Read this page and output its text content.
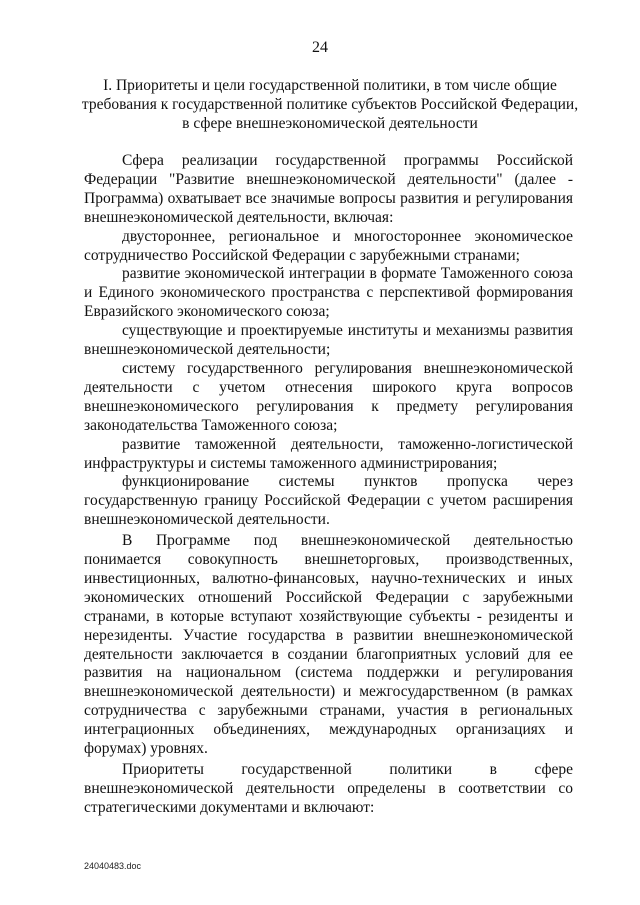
24
I. Приоритеты и цели государственной политики, в том числе общие
требования к государственной политике субъектов Российской Федерации,
в сфере внешнеэкономической деятельности

Сфера реализации государственной программы Российской Федерации "Развитие внешнеэкономической деятельности" (далее - Программа) охватывает все значимые вопросы развития и регулирования внешнеэкономической деятельности, включая:

двустороннее, региональное и многостороннее экономическое сотрудничество Российской Федерации с зарубежными странами;

развитие экономической интеграции в формате Таможенного союза и Единого экономического пространства с перспективой формирования Евразийского экономического союза;

существующие и проектируемые институты и механизмы развития внешнеэкономической деятельности;

систему государственного регулирования внешнеэкономической деятельности с учетом отнесения широкого круга вопросов внешнеэкономического регулирования к предмету регулирования законодательства Таможенного союза;

развитие таможенной деятельности, таможенно-логистической инфраструктуры и системы таможенного администрирования;

функционирование системы пунктов пропуска через государственную границу Российской Федерации с учетом расширения внешнеэкономической деятельности.

В Программе под внешнеэкономической деятельностью понимается совокупность внешнеторговых, производственных, инвестиционных, валютно-финансовых, научно-технических и иных экономических отношений Российской Федерации с зарубежными странами, в которые вступают хозяйствующие субъекты - резиденты и нерезиденты. Участие государства в развитии внешнеэкономической деятельности заключается в создании благоприятных условий для ее развития на национальном (система поддержки и регулирования внешнеэкономической деятельности) и межгосударственном (в рамках сотрудничества с зарубежными странами, участия в региональных интеграционных объединениях, международных организациях и форумах) уровнях.

Приоритеты государственной политики в сфере внешнеэкономической деятельности определены в соответствии со стратегическими документами и включают:

24040483.doc
